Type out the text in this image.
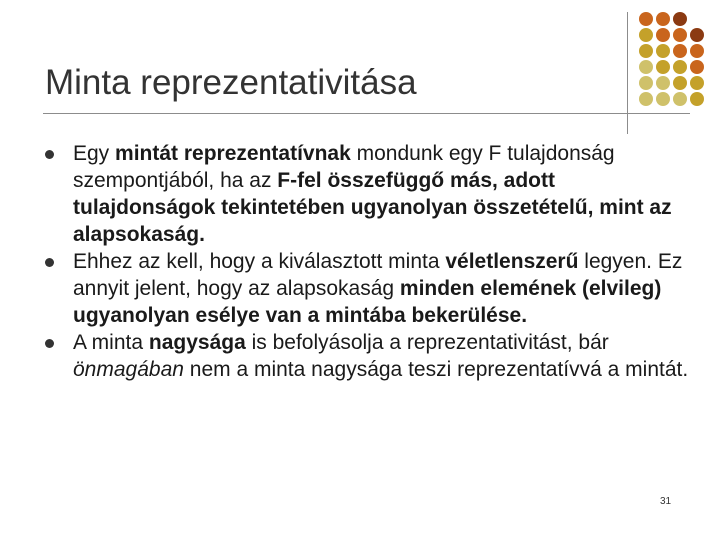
Minta reprezentativitása
Egy mintát reprezentatívnak mondunk egy F tulajdonság szempontjából, ha az F-fel összefüggő más, adott tulajdonságok tekintetében ugyanolyan összetételű, mint az alapsokaság.
Ehhez az kell, hogy a kiválasztott minta véletlenszerű legyen. Ez annyit jelent, hogy az alapsokaság minden elemének (elvileg) ugyanolyan esélye van a mintába bekerülése.
A minta nagysága is befolyásolja a reprezentativitást, bár önmagában nem a minta nagysága teszi reprezentatívvá a mintát.
31
